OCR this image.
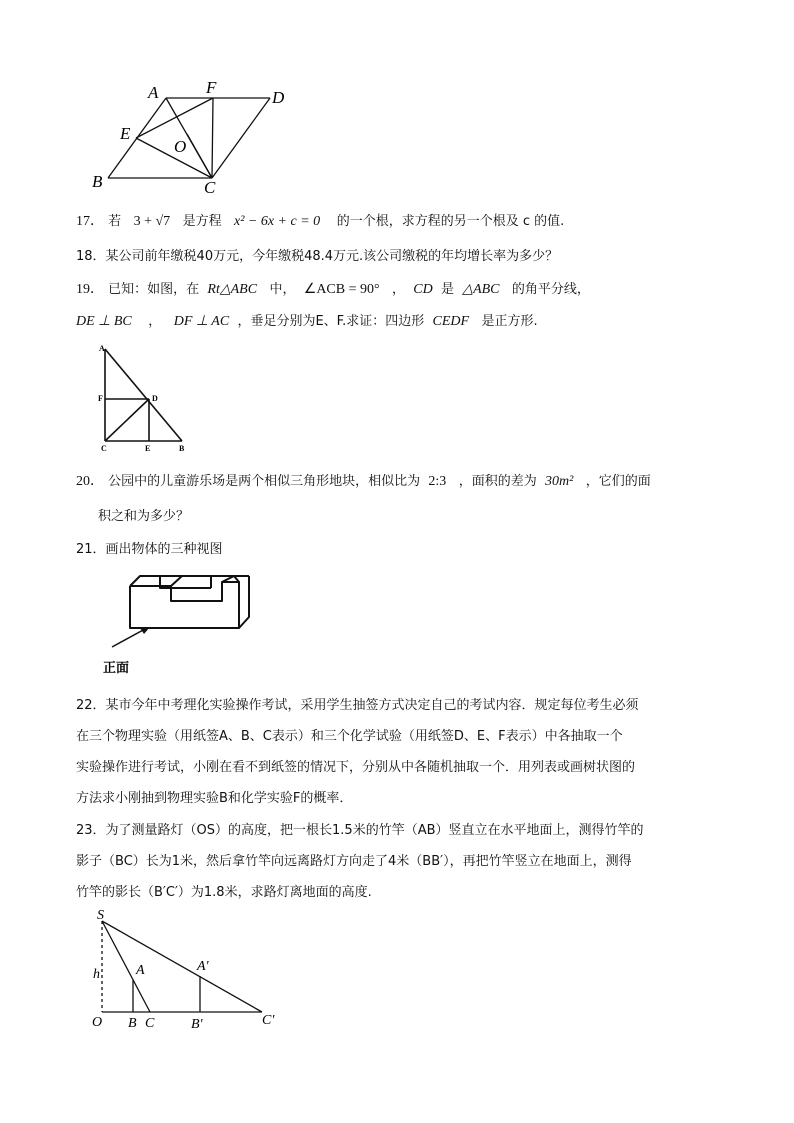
A	F
D
E
O
B	C
17． 若 3 + √7 是方程 x² − 6x + c = 0 的一个根，求方程的另一个根及 c 的值.
18．某公司前年缴税40万元，今年缴税48.4万元.该公司缴税的年均增长率为多少？
19． 已知：如图，在 Rt△ABC 中， ∠ACB = 90° ， CD 是 △ABC 的角平分线，
DE ⊥ BC ， DF ⊥ AC ，垂足分别为E、F.求证：四边形 CEDF 是正方形.
A
F	D
C	E	B
20． 公园中的儿童游乐场是两个相似三角形地块，相似比为 2:3 ，面积的差为 30m² ，它们的面
积之和为多少？
21．画出物体的三种视图
正面
22．某市今年中考理化实验操作考试，采用学生抽签方式决定自己的考试内容．规定每位考生必须
在三个物理实验（用纸签A、B、C表示）和三个化学试验（用纸签D、E、F表示）中各抽取一个
实验操作进行考试，小刚在看不到纸签的情况下，分别从中各随机抽取一个．用列表或画树状图的
方法求小刚抽到物理实验B和化学实验F的概率．
23．为了测量路灯（OS）的高度，把一根长1.5米的竹竿（AB）竖直立在水平地面上，测得竹竿的
影子（BC）长为1米，然后拿竹竿向远离路灯方向走了4米（BB′），再把竹竿竖立在地面上，测得
竹竿的影长（B′C′）为1.8米，求路灯离地面的高度.
S
h	A	A′
O B C	B′	C′
